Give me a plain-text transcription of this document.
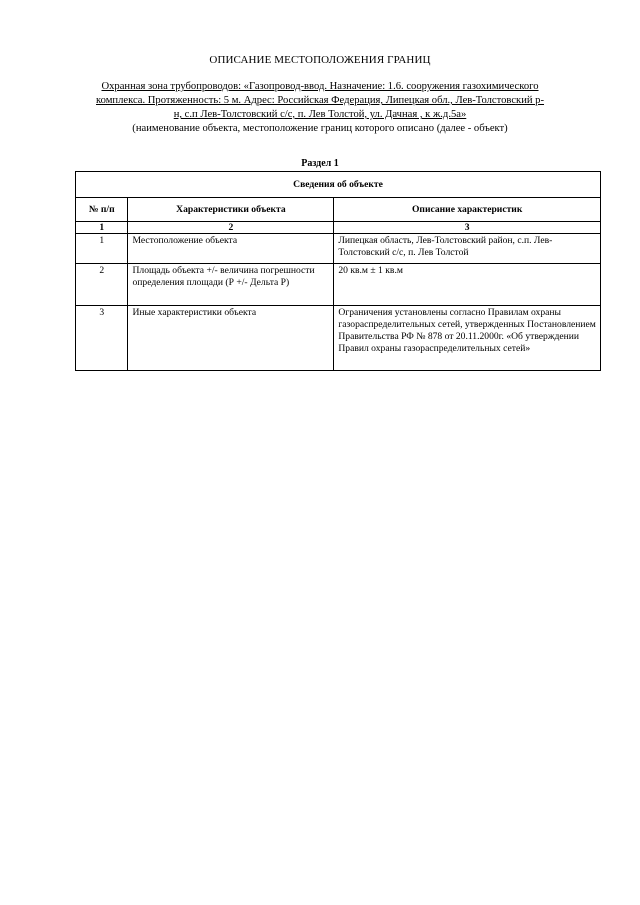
ОПИСАНИЕ МЕСТОПОЛОЖЕНИЯ ГРАНИЦ
Охранная зона трубопроводов: «Газопровод-ввод. Назначение: 1.6. сооружения газохимического комплекса. Протяженность: 5 м. Адрес: Российская Федерация, Липецкая обл., Лев-Толстовский р-н, с.п Лев-Толстовский с/с, п. Лев Толстой, ул. Дачная , к ж.д.5а»
(наименование объекта, местоположение границ которого описано (далее - объект)
Раздел 1
Сведения об объекте		
№ п/п	Характеристики объекта	Описание характеристик
1	2	3
1	Местоположение объекта	Липецкая область, Лев-Толстовский район, с.п. Лев-Толстовский с/с, п. Лев Толстой
2	Площадь объекта +/- величина погрешности определения площади (Р +/- Дельта Р)	20 кв.м ± 1 кв.м
3	Иные характеристики объекта	Ограничения установлены согласно Правилам охраны газораспределительных сетей, утвержденных Постановлением Правительства РФ № 878 от 20.11.2000г. «Об утверждении Правил охраны газораспределительных сетей»
